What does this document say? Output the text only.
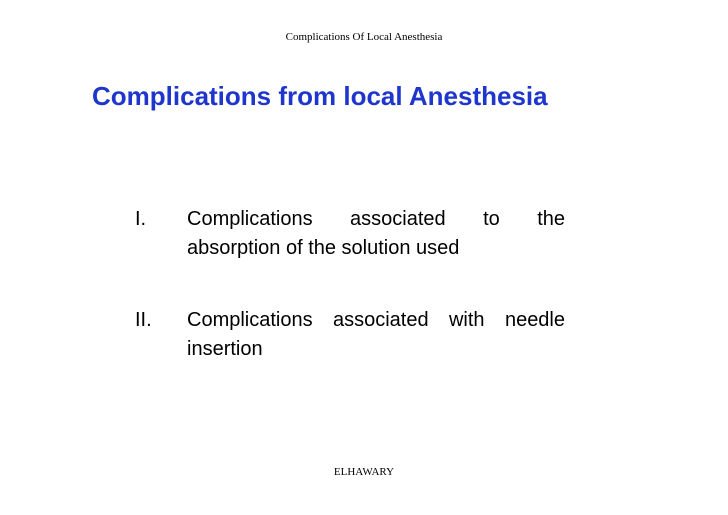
Complications Of Local Anesthesia
Complications from local Anesthesia
I.	Complications associated to the absorption of the solution used
II.	Complications associated with needle insertion
ELHAWARY
